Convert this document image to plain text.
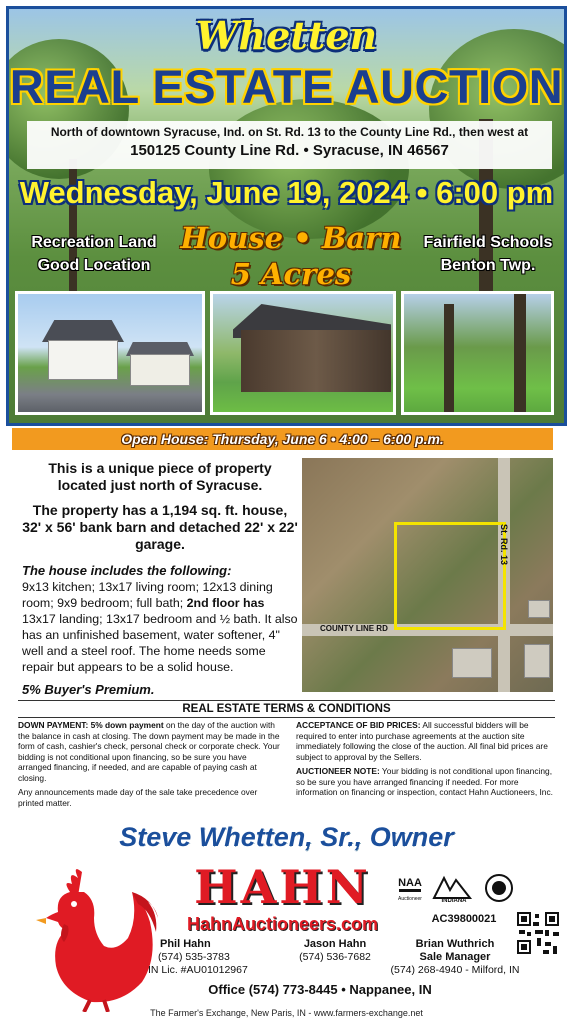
Whetten
REAL ESTATE AUCTION
North of downtown Syracuse, Ind. on St. Rd. 13 to the County Line Rd., then west at
150125 County Line Rd. • Syracuse, IN 46567
Wednesday, June 19, 2024 • 6:00 pm
Recreation Land
Good Location
House • Barn
5 Acres
Fairfield Schools
Benton Twp.
Open House: Thursday, June 6 • 4:00 – 6:00 p.m.
This is a unique piece of property located just north of Syracuse.
The property has a 1,194 sq. ft. house, 32' x 56' bank barn and detached 22' x 22' garage.
The house includes the following:
9x13 kitchen; 13x17 living room; 12x13 dining room; 9x9 bedroom; full bath; 2nd floor has 13x17 landing; 13x17 bedroom and ½ bath. It also has an unfinished basement, water softener, 4" well and a steel roof. The home needs some repair but appears to be a solid house.
5% Buyer's Premium.
St. Rd. 13
COUNTY LINE RD
REAL ESTATE TERMS & CONDITIONS

DOWN PAYMENT: 5% down payment on the day of the auction with the balance in cash at closing. The down payment may be made in the form of cash, cashier's check, personal check or corporate check. Your bidding is not conditional upon financing, so be sure you have arranged financing, if needed, and are capable of paying cash at closing.

Any announcements made day of the sale take precedence over printed matter.

ACCEPTANCE OF BID PRICES: All successful bidders will be required to enter into purchase agreements at the auction site immediately following the close of the auction. All final bid prices are subject to approval by the Sellers.

AUCTIONEER NOTE: Your bidding is not conditional upon financing, so be sure you have arranged financing if needed. For more information on financing or inspection, contact Hahn Auctioneers, Inc.

Steve Whetten, Sr., Owner
HAHN
HahnAuctioneers.com
NAA
Auctioneer	INDIANA
AC39800021
Phil Hahn
(574) 535-3783
IN Lic. #AU01012967
Jason Hahn
(574) 536-7682
Brian Wuthrich
Sale Manager
(574) 268-4940 - Milford, IN
Office (574) 773-8445 • Nappanee, IN
The Farmer's Exchange, New Paris, IN - www.farmers-exchange.net
